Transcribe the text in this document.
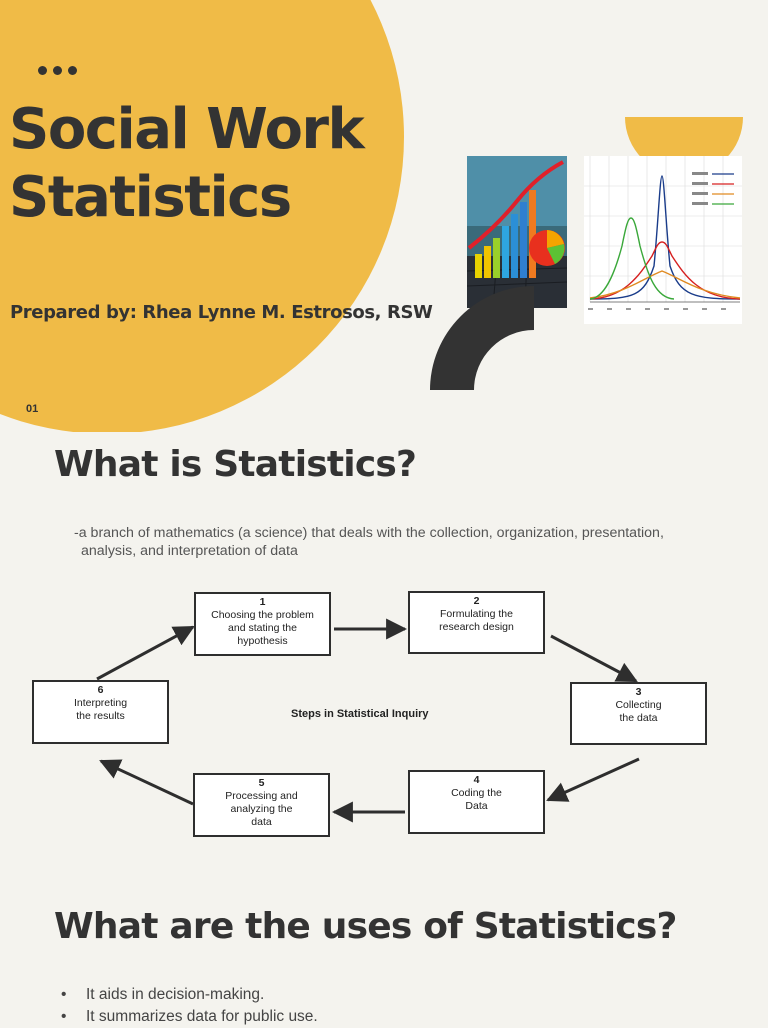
Social Work
Statistics

Prepared by: Rhea Lynne M. Estrosos, RSW

01
What is Statistics?

-a branch of mathematics (a science) that deals with the collection, organization, presentation,
analysis, and interpretation of data

1
Choosing the problem
and stating the
hypothesis
2
Formulating the
research design
3
Collecting
the data
4
Coding the
Data
5
Processing and
analyzing the
data
6
Interpreting
the results	Steps in Statistical Inquiry
What are the uses of Statistics?
• It aids in decision-making.
• It summarizes data for public use.
